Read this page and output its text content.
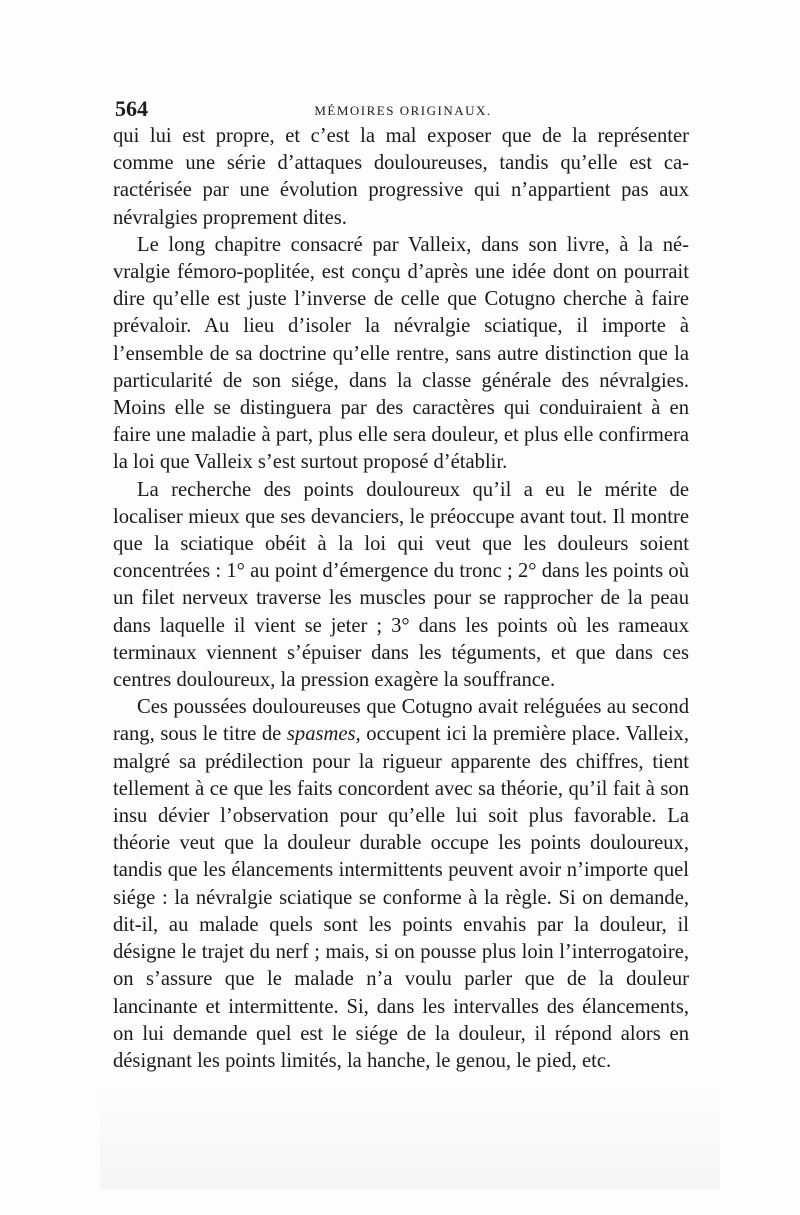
564	MÉMOIRES ORIGINAUX.

qui lui est propre, et c’est la mal exposer que de la représenter comme une série d’attaques douloureuses, tandis qu’elle est caractérisée par une évolution progressive qui n’appartient pas aux névralgies proprement dites.

Le long chapitre consacré par Valleix, dans son livre, à la névralgie fémoro-poplitée, est conçu d’après une idée dont on pourrait dire qu’elle est juste l’inverse de celle que Cotugno cherche à faire prévaloir. Au lieu d’isoler la névralgie sciatique, il importe à l’ensemble de sa doctrine qu’elle rentre, sans autre distinction que la particularité de son siége, dans la classe générale des névralgies. Moins elle se distinguera par des caractères qui conduiraient à en faire une maladie à part, plus elle sera douleur, et plus elle confirmera la loi que Valleix s’est surtout proposé d’établir.

La recherche des points douloureux qu’il a eu le mérite de localiser mieux que ses devanciers, le préoccupe avant tout. Il montre que la sciatique obéit à la loi qui veut que les douleurs soient concentrées : 1° au point d’émergence du tronc ; 2° dans les points où un filet nerveux traverse les muscles pour se rapprocher de la peau dans laquelle il vient se jeter ; 3° dans les points où les rameaux terminaux viennent s’épuiser dans les téguments, et que dans ces centres douloureux, la pression exagère la souffrance.

Ces poussées douloureuses que Cotugno avait reléguées au second rang, sous le titre de spasmes, occupent ici la première place. Valleix, malgré sa prédilection pour la rigueur apparente des chiffres, tient tellement à ce que les faits concordent avec sa théorie, qu’il fait à son insu dévier l’observation pour qu’elle lui soit plus favorable. La théorie veut que la douleur durable occupe les points douloureux, tandis que les élancements intermittents peuvent avoir n’importe quel siége : la névralgie sciatique se conforme à la règle. Si on demande, dit-il, au malade quels sont les points envahis par la douleur, il désigne le trajet du nerf ; mais, si on pousse plus loin l’interrogatoire, on s’assure que le malade n’a voulu parler que de la douleur lancinante et intermittente. Si, dans les intervalles des élancements, on lui demande quel est le siége de la douleur, il répond alors en désignant les points limités, la hanche, le genou, le pied, etc.
